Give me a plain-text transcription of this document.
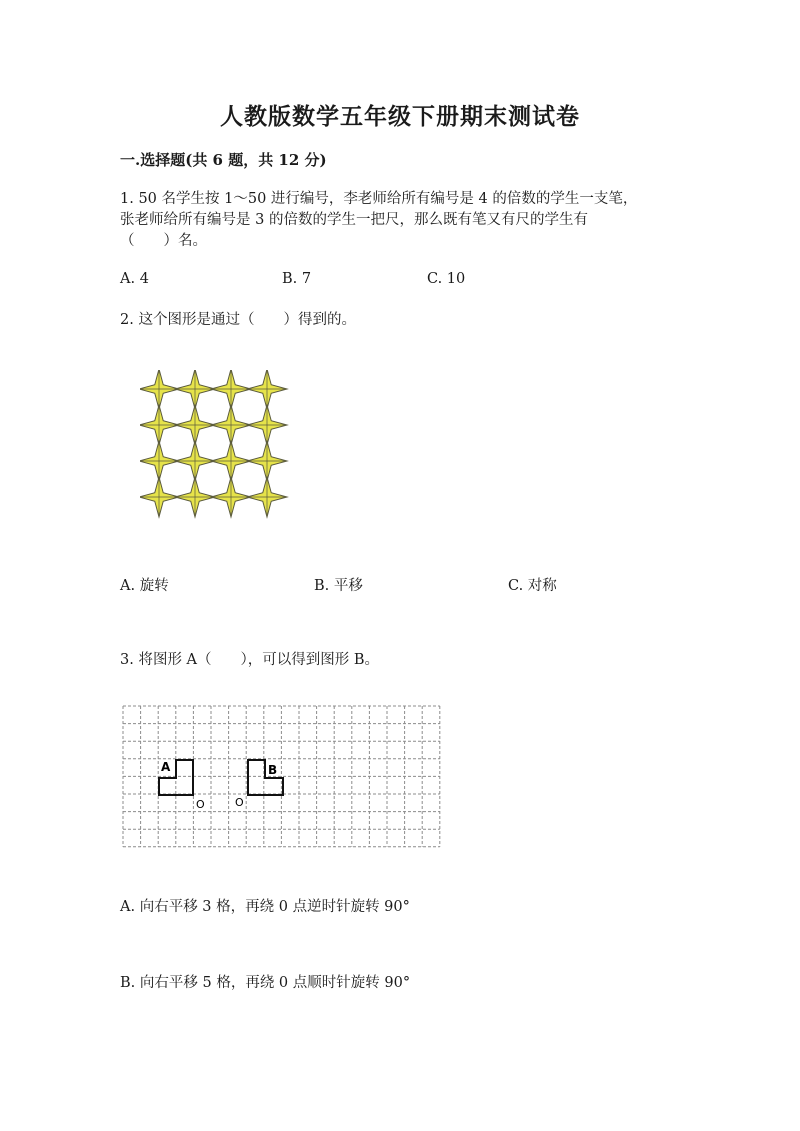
人教版数学五年级下册期末测试卷
一.选择题(共 6 题，共 12 分)
1. 50 名学生按 1～50 进行编号，李老师给所有编号是 4 的倍数的学生一支笔，
张老师给所有编号是 3 的倍数的学生一把尺，那么既有笔又有尺的学生有
（　　）名。
A. 4	B. 7	C. 10
2. 这个图形是通过（　　）得到的。
A. 旋转	B. 平移	C. 对称
3. 将图形 A（　　），可以得到图形 B。
A	B
O	O
A. 向右平移 3 格，再绕 0 点逆时针旋转 90°
B. 向右平移 5 格，再绕 0 点顺时针旋转 90°
